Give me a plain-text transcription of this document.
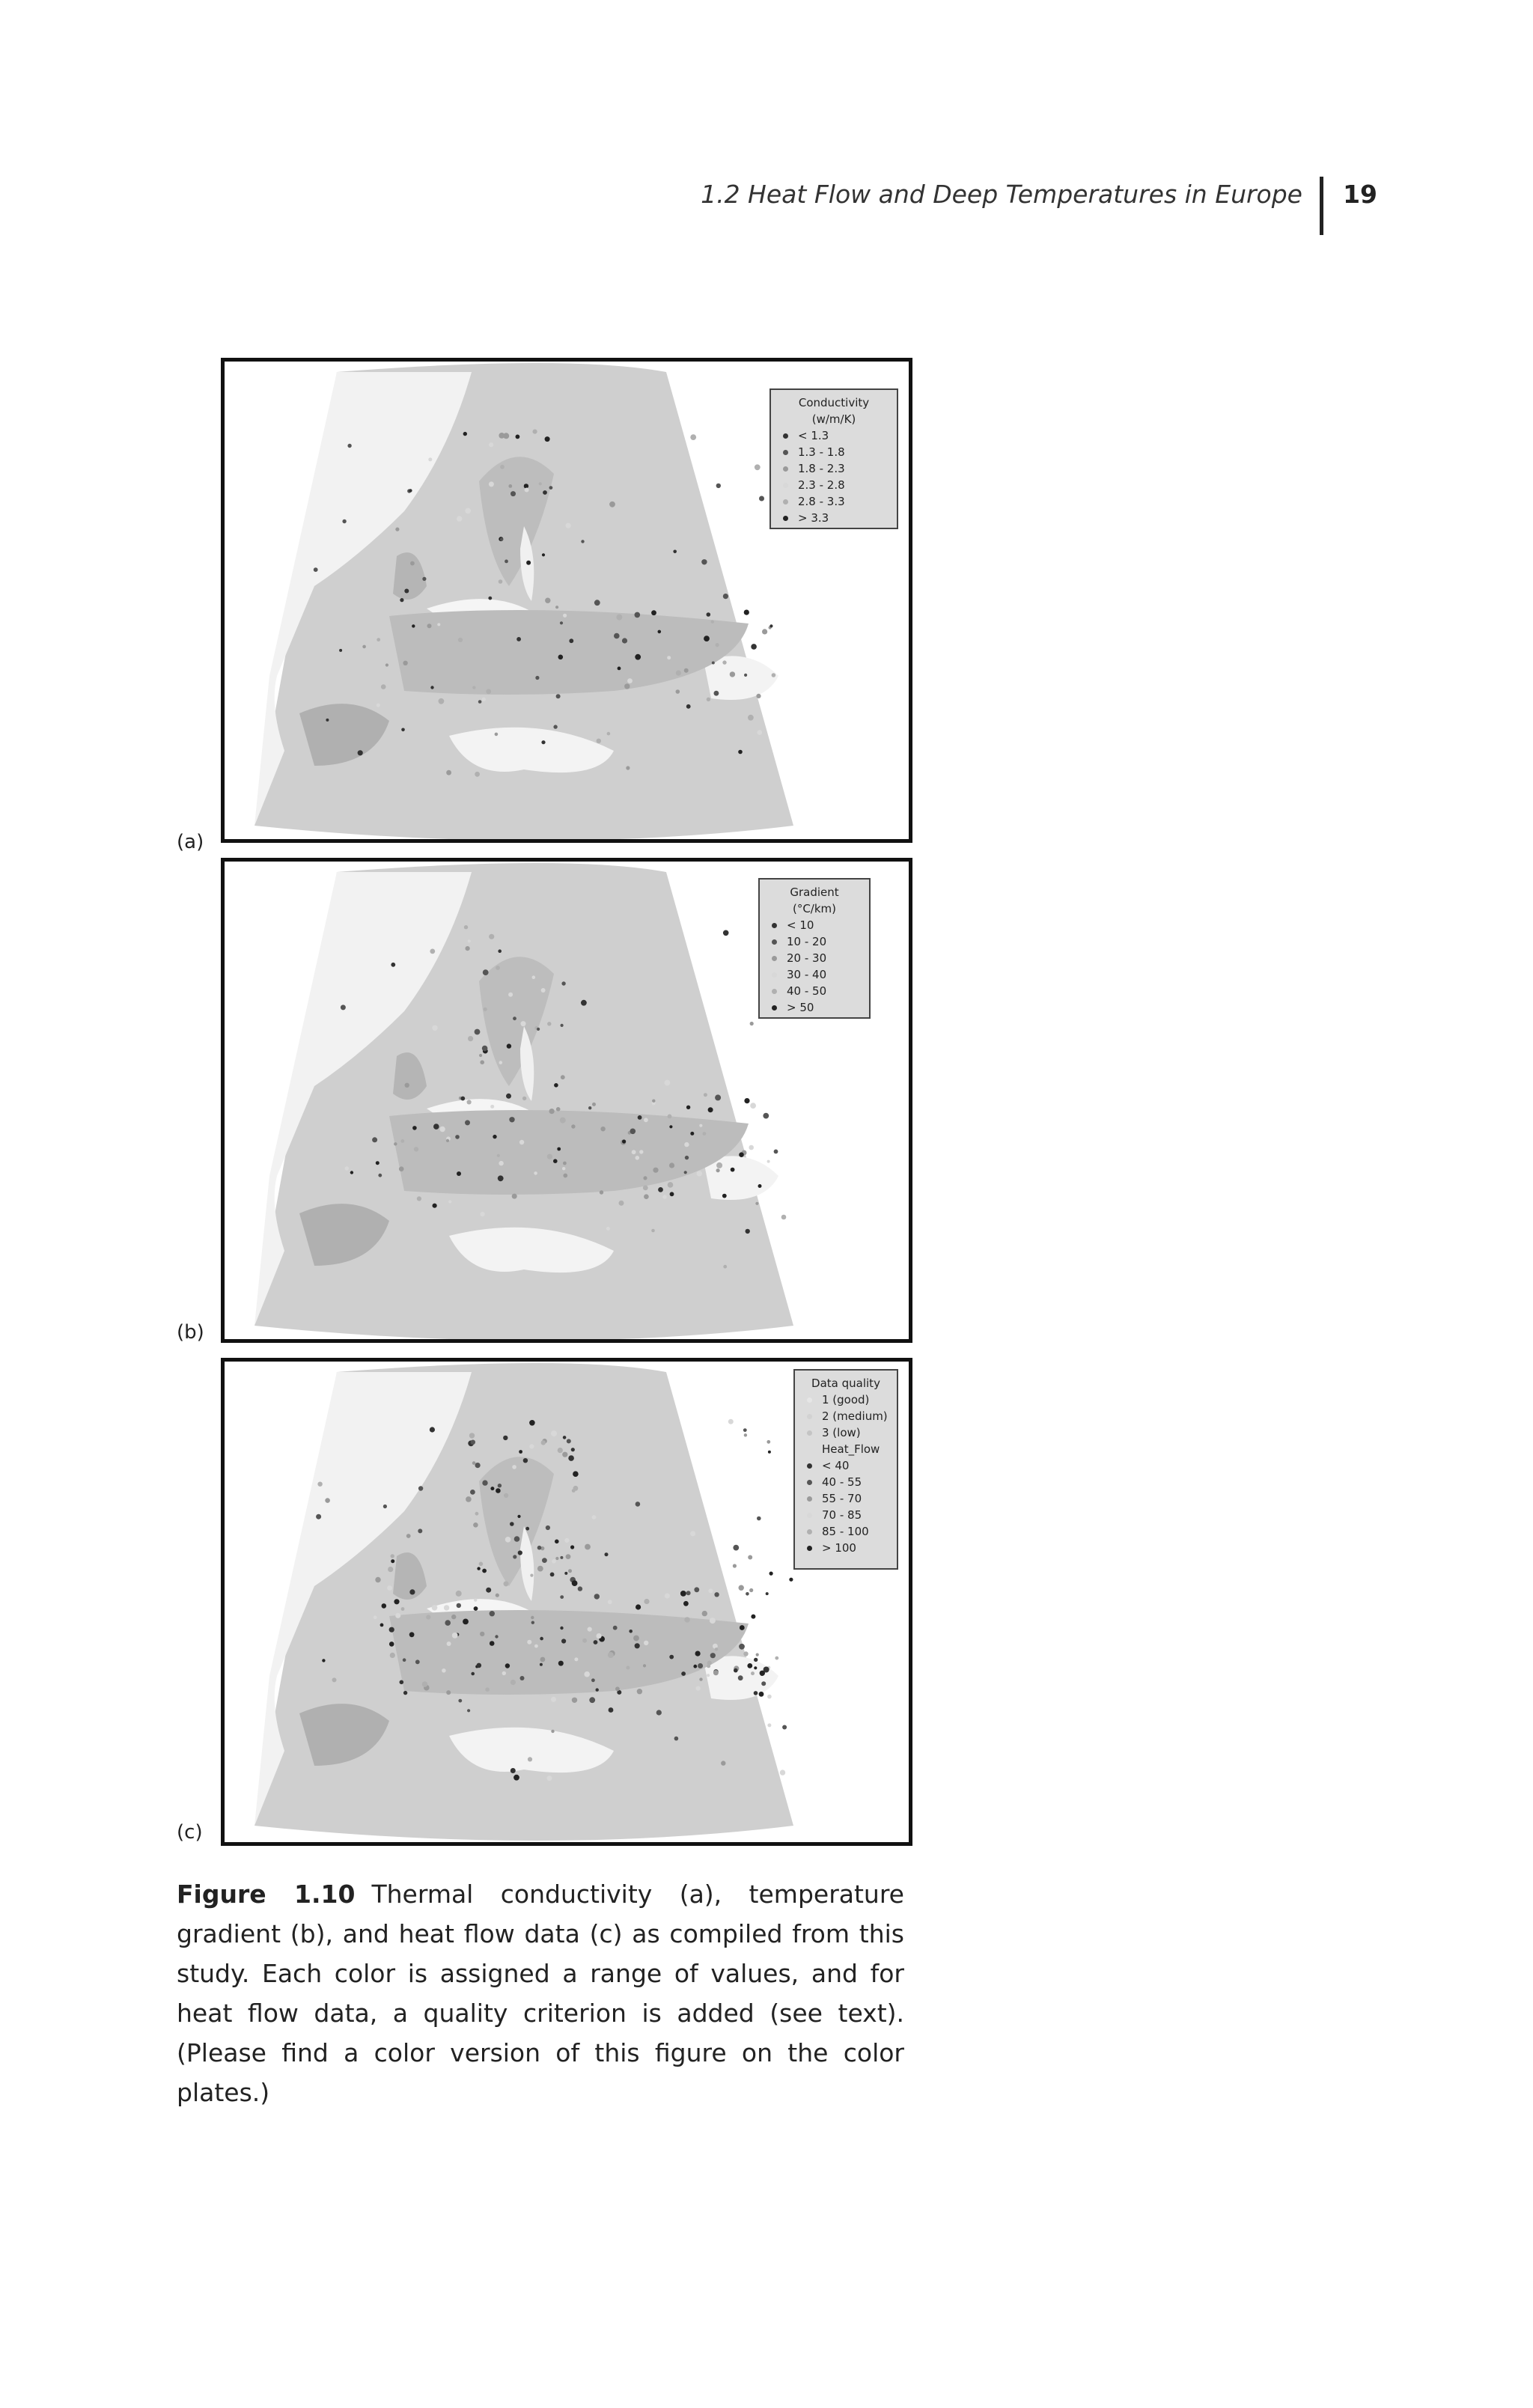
1.2 Heat Flow and Deep Temperatures in Europe 19
Conductivity
(w/m/K)
< 1.3
1.3 - 1.8
1.8 - 2.3
2.3 - 2.8
2.8 - 3.3
> 3.3
(a)
Gradient (°C/km)
< 10
10 - 20
20 - 30
30 - 40
40 - 50
> 50
(b)
Data quality
1 (good)
2 (medium)
3 (low)
Heat_Flow
< 40
40 - 55
55 - 70
70 - 85
85 - 100
> 100
(c)
Figure 1.10 Thermal conductivity (a), temperature gradient (b), and heat flow data (c) as compiled from this study. Each color is assigned a range of values, and for heat flow data, a quality criterion is added (see text). (Please find a color version of this figure on the color plates.)
